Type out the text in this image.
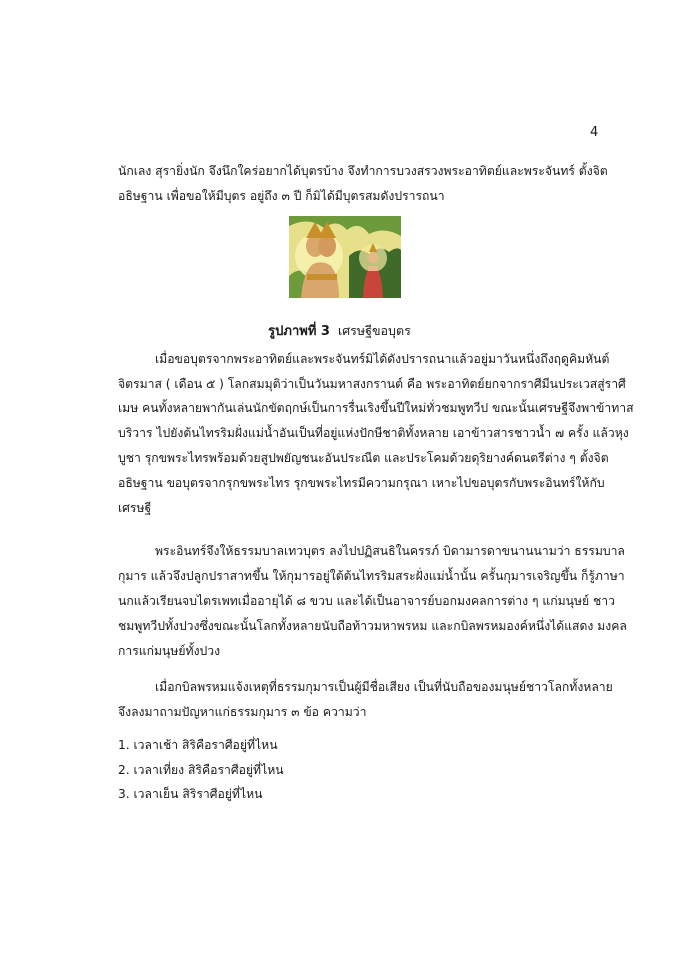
4
นักเลง สุรายิ่งนัก จึงนึกใคร่อยากได้บุตรบ้าง จึงทำการบวงสรวงพระอาทิตย์และพระจันทร์ ตั้งจิต
อธิษฐาน เพื่อขอให้มีบุตร อยู่ถึง ๓ ปี ก็มิได้มีบุตรสมดังปรารถนา
รูปภาพที่ 3 เศรษฐีขอบุตร
เมื่อขอบุตรจากพระอาทิตย์และพระจันทร์มิได้ดังปรารถนาแล้วอยู่มาวันหนึ่งถึงฤดูคิมหันต์
จิตรมาส ( เดือน ๕ ) โลกสมมุติว่าเป็นวันมหาสงกรานต์ คือ พระอาทิตย์ยกจากราศีมีนประเวสสู่ราศี
เมษ คนทั้งหลายพากันเล่นนักขัตฤกษ์เป็นการรื่นเริงขึ้นปีใหม่ทั่วชมพูทวีป ขณะนั้นเศรษฐีจึงพาข้าทาส
บริวาร ไปยังต้นไทรริมฝั่งแม่น้ำอันเป็นที่อยู่แห่งปักษีชาติทั้งหลาย เอาข้าวสารชาวน้ำ ๗ ครั้ง แล้วหุง
บูชา รุกขพระไทรพร้อมด้วยสูปพยัญชนะอันประณีต และประโคมด้วยดุริยางค์ดนตรีต่าง ๆ ตั้งจิต
อธิษฐาน ขอบุตรจากรุกขพระไทร รุกขพระไทรมีความกรุณา เหาะไปขอบุตรกับพระอินทร์ให้กับ
เศรษฐี
พระอินทร์จึงให้ธรรมบาลเทวบุตร ลงไปปฏิสนธิในครรภ์ บิดามารดาขนานนามว่า ธรรมบาล
กุมาร แล้วจึงปลูกปราสาทขึ้น ให้กุมารอยู่ใต้ต้นไทรริมสระฝั่งแม่น้ำนั้น ครั้นกุมารเจริญขึ้น ก็รู้ภาษา
นกแล้วเรียนจบไตรเพทเมื่ออายุได้ ๘ ขวบ และได้เป็นอาจารย์บอกมงคลการต่าง ๆ แก่มนุษย์ ชาว
ชมพูทวีปทั้งปวงซึ่งขณะนั้นโลกทั้งหลายนับถือท้าวมหาพรหม และกบิลพรหมองค์หนึ่งได้แสดง มงคล
การแก่มนุษย์ทั้งปวง
เมื่อกบิลพรหมแจ้งเหตุที่ธรรมกุมารเป็นผู้มีชื่อเสียง เป็นที่นับถือของมนุษย์ชาวโลกทั้งหลาย
จึงลงมาถามปัญหาแก่ธรรมกุมาร ๓ ข้อ ความว่า
1. เวลาเช้า สิริคือราศีอยู่ที่ไหน
2. เวลาเที่ยง สิริคือราศีอยู่ที่ไหน
3. เวลาเย็น สิริราศีอยู่ที่ไหน
